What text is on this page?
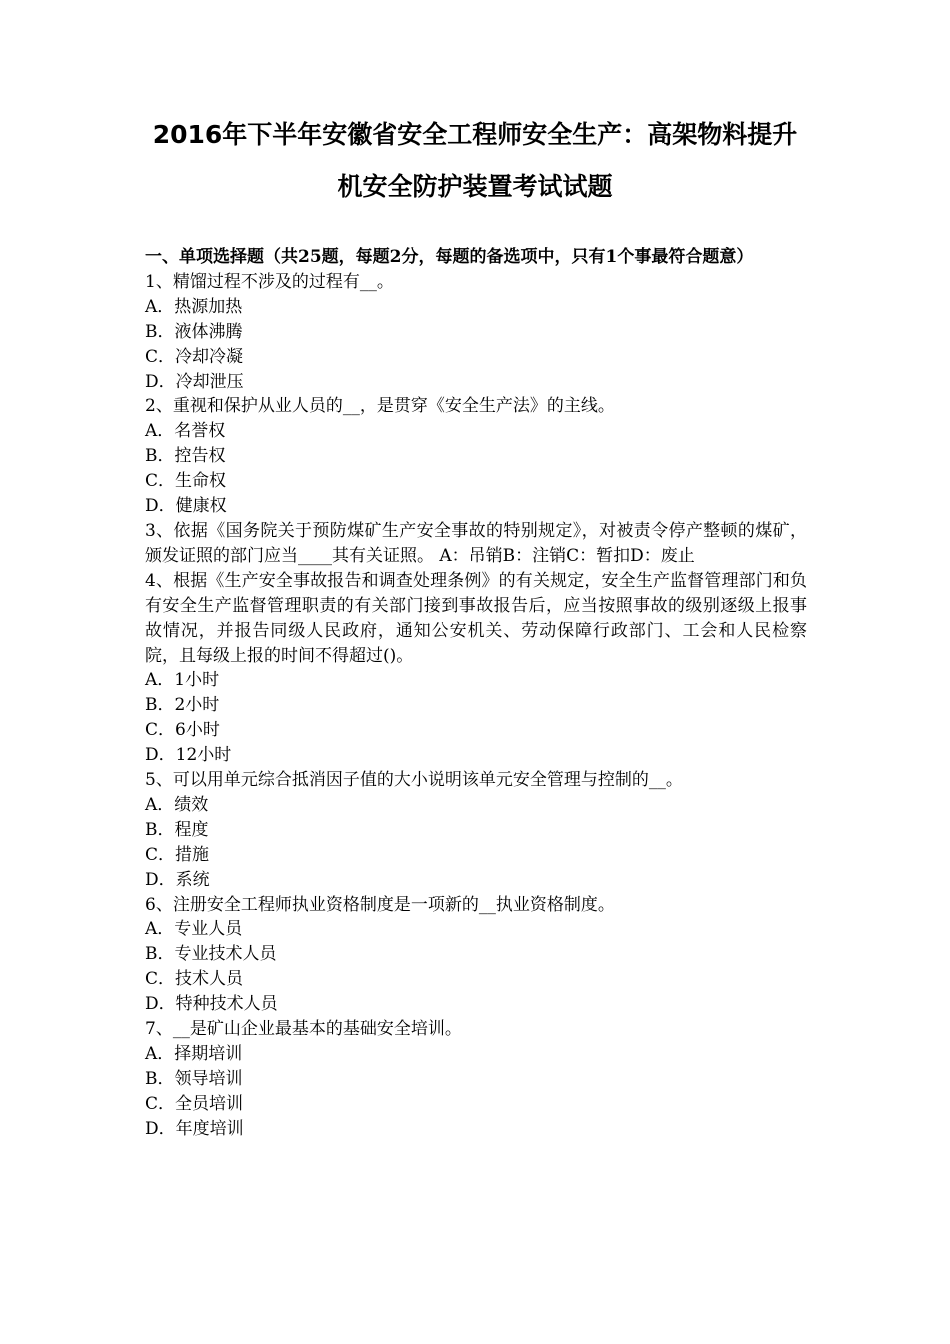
2016年下半年安徽省安全工程师安全生产：高架物料提升
机安全防护装置考试试题
一、单项选择题（共25题，每题2分，每题的备选项中，只有1个事最符合题意）
1、精馏过程不涉及的过程有__。
A．热源加热
B．液体沸腾
C．冷却冷凝
D．冷却泄压
2、重视和保护从业人员的__，是贯穿《安全生产法》的主线。
A．名誉权
B．控告权
C．生命权
D．健康权
3、依据《国务院关于预防煤矿生产安全事故的特别规定》，对被责令停产整顿的煤矿，颁发证照的部门应当____其有关证照。 A：吊销B：注销C：暂扣D：废止
4、根据《生产安全事故报告和调查处理条例》的有关规定，安全生产监督管理部门和负有安全生产监督管理职责的有关部门接到事故报告后，应当按照事故的级别逐级上报事故情况，并报告同级人民政府，通知公安机关、劳动保障行政部门、工会和人民检察院，且每级上报的时间不得超过()。
A．1小时
B．2小时
C．6小时
D．12小时
5、可以用单元综合抵消因子值的大小说明该单元安全管理与控制的__。
A．绩效
B．程度
C．措施
D．系统
6、注册安全工程师执业资格制度是一项新的__执业资格制度。
A．专业人员
B．专业技术人员
C．技术人员
D．特种技术人员
7、__是矿山企业最基本的基础安全培训。
A．择期培训
B．领导培训
C．全员培训
D．年度培训
